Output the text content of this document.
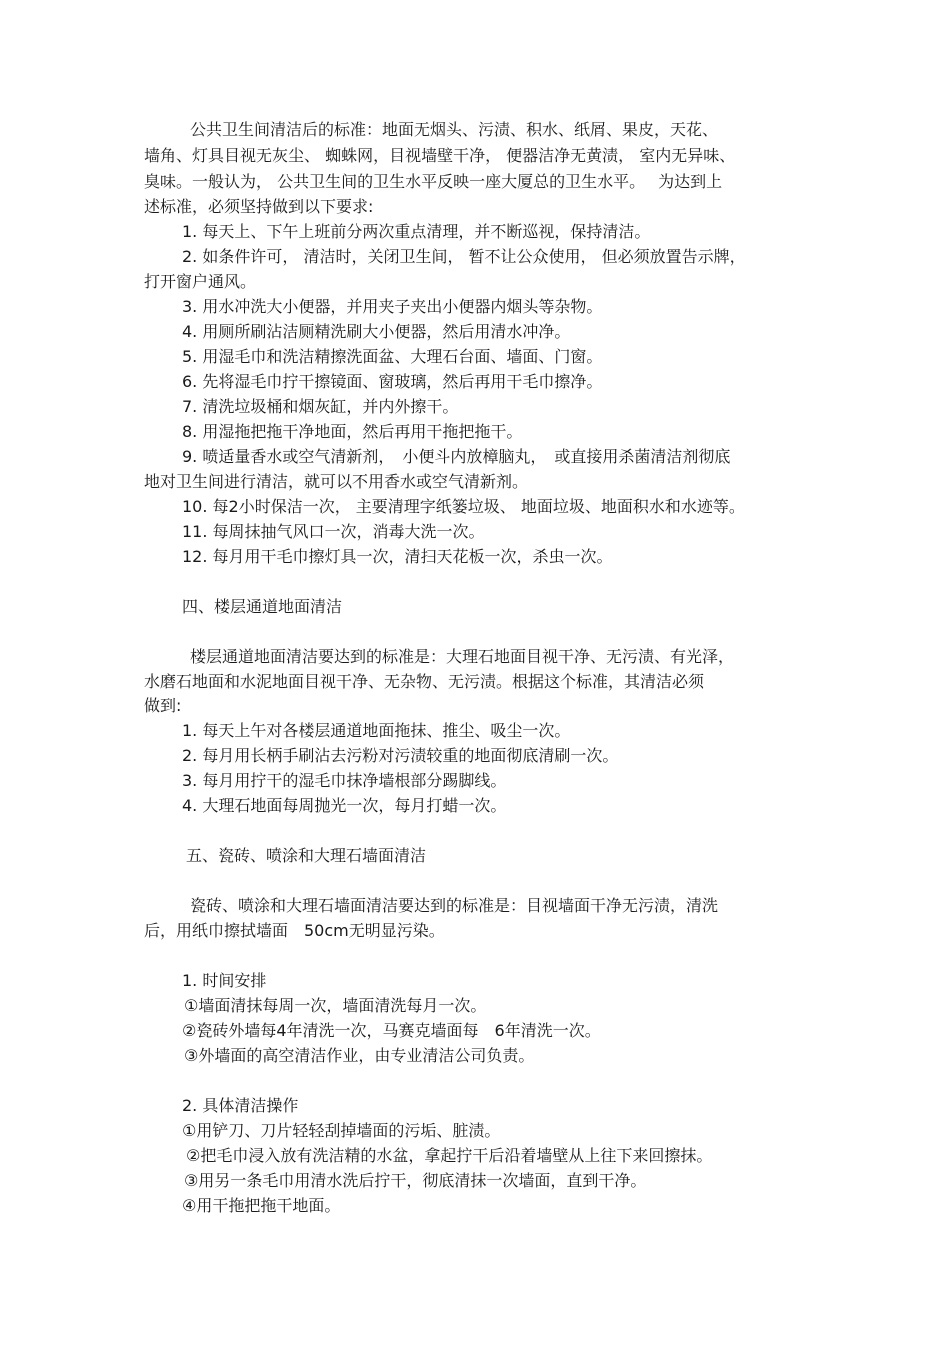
公共卫生间清洁后的标准：地面无烟头、污渍、积水、纸屑、果皮，天花、
墙角、灯具目视无灰尘、 蜘蛛网，目视墙壁干净， 便器洁净无黄渍， 室内无异味、
臭味。一般认为， 公共卫生间的卫生水平反映一座大厦总的卫生水平。　 为达到上
述标准，必须坚持做到以下要求:
1. 每天上、下午上班前分两次重点清理，并不断巡视，保持清洁。
2. 如条件许可， 清洁时，关闭卫生间， 暂不让公众使用， 但必须放置告示牌，
打开窗户通风。
3. 用水冲洗大小便器，并用夹子夹出小便器内烟头等杂物。
4. 用厕所刷沾洁厕精洗刷大小便器，然后用清水冲净。
5. 用湿毛巾和洗洁精擦洗面盆、大理石台面、墙面、门窗。
6. 先将湿毛巾拧干擦镜面、窗玻璃，然后再用干毛巾擦净。
7. 清洗垃圾桶和烟灰缸，并内外擦干。
8. 用湿拖把拖干净地面，然后再用干拖把拖干。
9. 喷适量香水或空气清新剂，　小便斗内放樟脑丸，　或直接用杀菌清洁剂彻底
地对卫生间进行清洁，就可以不用香水或空气清新剂。
10. 每2小时保洁一次， 主要清理字纸篓垃圾、 地面垃圾、地面积水和水迹等。
11. 每周抹抽气风口一次，消毒大洗一次。
12. 每月用干毛巾擦灯具一次，清扫天花板一次，杀虫一次。
四、楼层通道地面清洁
楼层通道地面清洁要达到的标准是：大理石地面目视干净、无污渍、有光泽，
水磨石地面和水泥地面目视干净、无杂物、无污渍。根据这个标准，其清洁必须
做到:
1. 每天上午对各楼层通道地面拖抹、推尘、吸尘一次。
2. 每月用长柄手刷沾去污粉对污渍较重的地面彻底清刷一次。
3. 每月用拧干的湿毛巾抹净墙根部分踢脚线。
4. 大理石地面每周抛光一次，每月打蜡一次。
五、瓷砖、喷涂和大理石墙面清洁
瓷砖、喷涂和大理石墙面清洁要达到的标准是：目视墙面干净无污渍，清洗
后，用纸巾擦拭墙面　50cm无明显污染。
1. 时间安排
①墙面清抹每周一次，墙面清洗每月一次。
②瓷砖外墙每4年清洗一次，马赛克墙面每　6年清洗一次。
③外墙面的高空清洁作业，由专业清洁公司负责。
2. 具体清洁操作
①用铲刀、刀片轻轻刮掉墙面的污垢、脏渍。
②把毛巾浸入放有洗洁精的水盆，拿起拧干后沿着墙壁从上往下来回擦抹。
③用另一条毛巾用清水洗后拧干，彻底清抹一次墙面，直到干净。
④用干拖把拖干地面。
